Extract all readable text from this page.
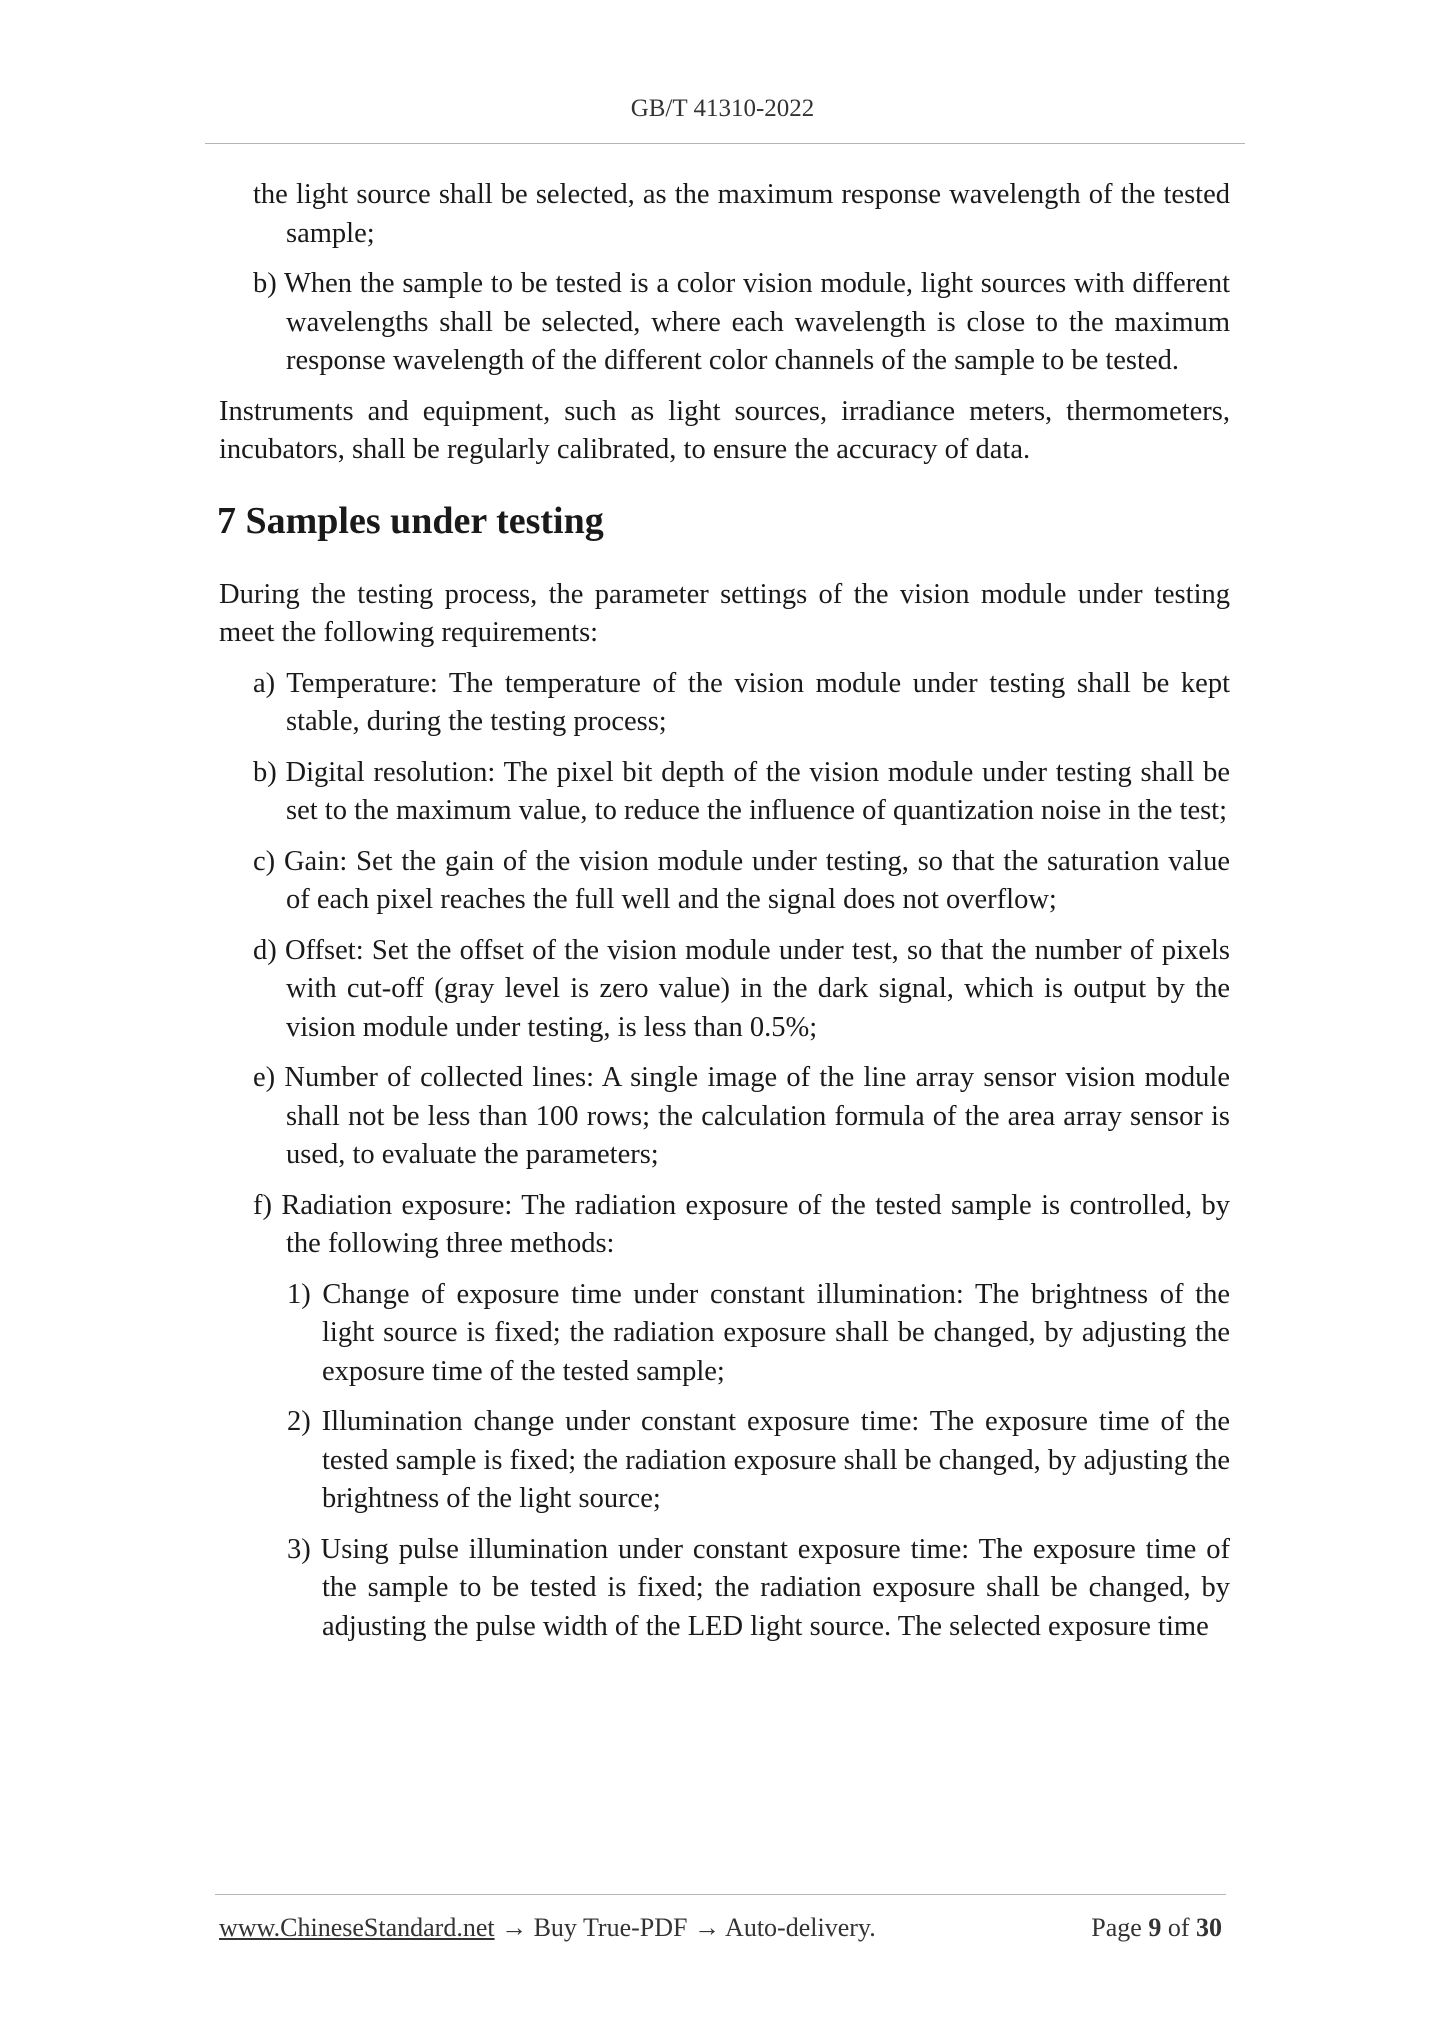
GB/T 41310-2022

the light source shall be selected, as the maximum response wavelength of the tested sample;

b) When the sample to be tested is a color vision module, light sources with different wavelengths shall be selected, where each wavelength is close to the maximum response wavelength of the different color channels of the sample to be tested.

Instruments and equipment, such as light sources, irradiance meters, thermometers, incubators, shall be regularly calibrated, to ensure the accuracy of data.

7 Samples under testing

During the testing process, the parameter settings of the vision module under testing meet the following requirements:

a) Temperature: The temperature of the vision module under testing shall be kept stable, during the testing process;

b) Digital resolution: The pixel bit depth of the vision module under testing shall be set to the maximum value, to reduce the influence of quantization noise in the test;

c) Gain: Set the gain of the vision module under testing, so that the saturation value of each pixel reaches the full well and the signal does not overflow;

d) Offset: Set the offset of the vision module under test, so that the number of pixels with cut-off (gray level is zero value) in the dark signal, which is output by the vision module under testing, is less than 0.5%;

e) Number of collected lines: A single image of the line array sensor vision module shall not be less than 100 rows; the calculation formula of the area array sensor is used, to evaluate the parameters;

f) Radiation exposure: The radiation exposure of the tested sample is controlled, by the following three methods:

1) Change of exposure time under constant illumination: The brightness of the light source is fixed; the radiation exposure shall be changed, by adjusting the exposure time of the tested sample;

2) Illumination change under constant exposure time: The exposure time of the tested sample is fixed; the radiation exposure shall be changed, by adjusting the brightness of the light source;

3) Using pulse illumination under constant exposure time: The exposure time of the sample to be tested is fixed; the radiation exposure shall be changed, by adjusting the pulse width of the LED light source. The selected exposure time

www.ChineseStandard.net → Buy True-PDF → Auto-delivery.	Page 9 of 30
